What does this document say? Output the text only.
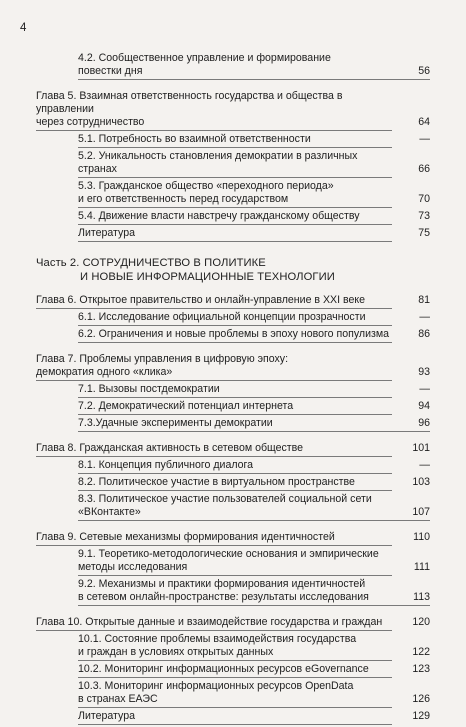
4
4.2. Сообщественное управление и формирование
повестки дня	56
Глава 5. Взаимная ответственность государства и общества в управлении
через сотрудничество	64
5.1. Потребность во взаимной ответственности	—
5.2. Уникальность становления демократии в различных странах	66
5.3. Гражданское общество «переходного периода»
и его ответственность перед государством	70
5.4. Движение власти навстречу гражданскому обществу	73
Литература	75
Часть 2. СОТРУДНИЧЕСТВО В ПОЛИТИКЕ
И НОВЫЕ ИНФОРМАЦИОННЫЕ ТЕХНОЛОГИИ
Глава 6. Открытое правительство и онлайн-управление в XXI веке	81
6.1. Исследование официальной концепции прозрачности	—
6.2. Ограничения и новые проблемы в эпоху нового популизма	86
Глава 7. Проблемы управления в цифровую эпоху:
демократия одного «клика»	93
7.1. Вызовы постдемократии	—
7.2. Демократический потенциал интернета	94
7.3.Удачные эксперименты демократии	96
Глава 8. Гражданская активность в сетевом обществе	101
8.1. Концепция публичного диалога	—
8.2. Политическое участие в виртуальном пространстве	103
8.3. Политическое участие пользователей социальной сети
«ВКонтакте»	107
Глава 9. Сетевые механизмы формирования идентичностей	110
9.1. Теоретико-методологические основания и эмпирические
методы исследования	111
9.2. Механизмы и практики формирования идентичностей
в сетевом онлайн-пространстве: результаты исследования	113
Глава 10. Открытые данные и взаимодействие государства и граждан	120
10.1. Состояние проблемы взаимодействия государства
и граждан в условиях открытых данных	122
10.2. Мониторинг информационных ресурсов eGovernance	123
10.3. Мониторинг информационных ресурсов OpenData
в странах ЕАЭС	126
Литература	129
